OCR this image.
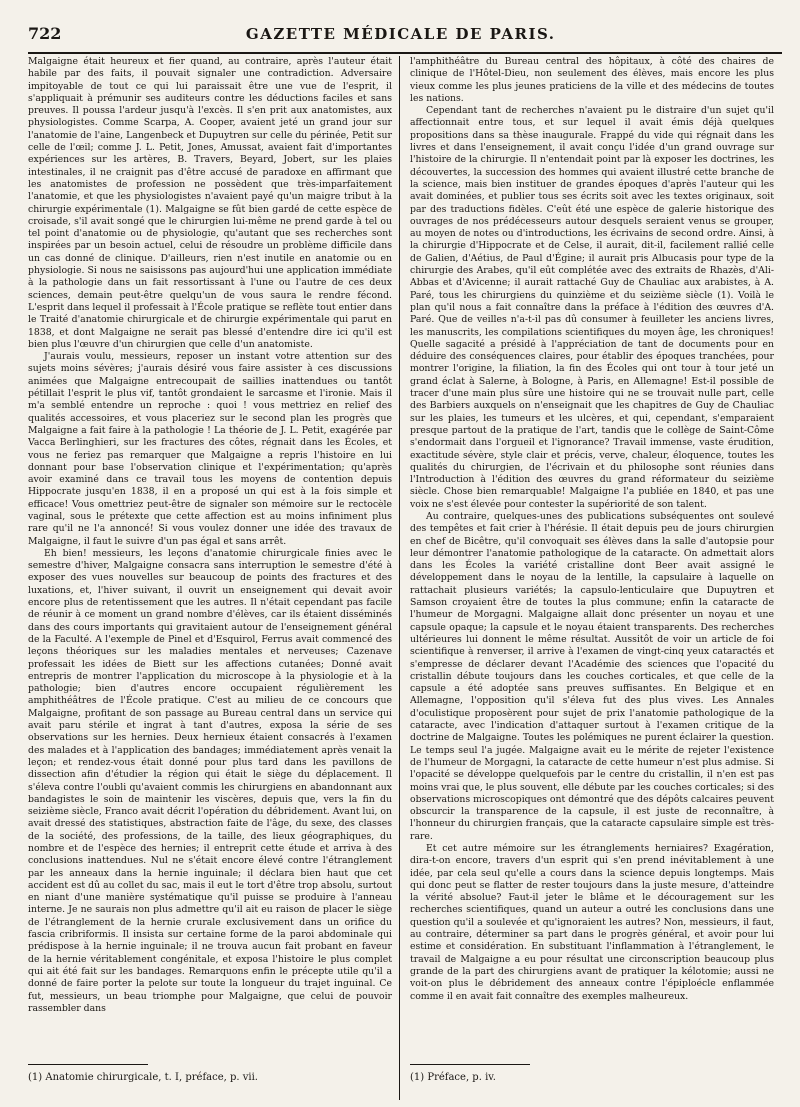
722	GAZETTE MÉDICALE DE PARIS.

Malgaigne était heureux et fier quand, au contraire, après l'auteur était habile par des faits, il pouvait signaler une contradiction. Adversaire impitoyable de tout ce qui lui paraissait être une vue de l'esprit, il s'appliquait à prémunir ses auditeurs contre les déductions faciles et sans preuves. Il poussa l'ardeur jusqu'à l'excès. Il s'en prit aux anatomistes, aux physiologistes. Comme Scarpa, A. Cooper, avaient jeté un grand jour sur l'anatomie de l'aine, Langenbeck et Dupuytren sur celle du périnée, Petit sur celle de l'œil; comme J. L. Petit, Jones, Amussat, avaient fait d'importantes expériences sur les artères, B. Travers, Beyard, Jobert, sur les plaies intestinales, il ne craignit pas d'être accusé de paradoxe en affirmant que les anatomistes de profession ne possèdent que très-imparfaitement l'anatomie, et que les physiologistes n'avaient payé qu'un maigre tribut à la chirurgie expérimentale (1). Malgaigne se fût bien gardé de cette espèce de croisade, s'il avait songé que le chirurgien lui-même ne prend garde à tel ou tel point d'anatomie ou de physiologie, qu'autant que ses recherches sont inspirées par un besoin actuel, celui de résoudre un problème difficile dans un cas donné de clinique. D'ailleurs, rien n'est inutile en anatomie ou en physiologie. Si nous ne saisissons pas aujourd'hui une application immédiate à la pathologie dans un fait ressortissant à l'une ou l'autre de ces deux sciences, demain peut-être quelqu'un de vous saura le rendre fécond. L'esprit dans lequel il professait à l'École pratique se reflète tout entier dans le Traité d'anatomie chirurgicale et de chirurgie expérimentale qui parut en 1838, et dont Malgaigne ne serait pas blessé d'entendre dire ici qu'il est bien plus l'œuvre d'un chirurgien que celle d'un anatomiste.

J'aurais voulu, messieurs, reposer un instant votre attention sur des sujets moins sévères; j'aurais désiré vous faire assister à ces discussions animées que Malgaigne entrecoupait de saillies inattendues ou tantôt pétillait l'esprit le plus vif, tantôt grondaient le sarcasme et l'ironie. Mais il m'a semblé entendre un reproche : quoi ! vous mettriez en relief des qualités accessoires, et vous placeriez sur le second plan les progrès que Malgaigne a fait faire à la pathologie ! La théorie de J. L. Petit, exagérée par Vacca Berlinghieri, sur les fractures des côtes, régnait dans les Écoles, et vous ne feriez pas remarquer que Malgaigne a repris l'histoire en lui donnant pour base l'observation clinique et l'expérimentation; qu'après avoir examiné dans ce travail tous les moyens de contention depuis Hippocrate jusqu'en 1838, il en a proposé un qui est à la fois simple et efficace! Vous omettriez peut-être de signaler son mémoire sur le rectocèle vaginal, sous le prétexte que cette affection est au moins infiniment plus rare qu'il ne l'a annoncé! Si vous voulez donner une idée des travaux de Malgaigne, il faut le suivre d'un pas égal et sans arrêt.

Eh bien! messieurs, les leçons d'anatomie chirurgicale finies avec le semestre d'hiver, Malgaigne consacra sans interruption le semestre d'été à exposer des vues nouvelles sur beaucoup de points des fractures et des luxations, et, l'hiver suivant, il ouvrit un enseignement qui devait avoir encore plus de retentissement que les autres. Il n'était cependant pas facile de réunir à ce moment un grand nombre d'élèves, car ils étaient disséminés dans des cours importants qui gravitaient autour de l'enseignement général de la Faculté. A l'exemple de Pinel et d'Esquirol, Ferrus avait commencé des leçons théoriques sur les maladies mentales et nerveuses; Cazenave professait les idées de Biett sur les affections cutanées; Donné avait entrepris de montrer l'application du microscope à la physiologie et à la pathologie; bien d'autres encore occupaient régulièrement les amphithéâtres de l'École pratique. C'est au milieu de ce concours que Malgaigne, profitant de son passage au Bureau central dans un service qui avait paru stérile et ingrat à tant d'autres, exposa la série de ses observations sur les hernies. Deux hernieux étaient consacrés à l'examen des malades et à l'application des bandages; immédiatement après venait la leçon; et rendez-vous était donné pour plus tard dans les pavillons de dissection afin d'étudier la région qui était le siège du déplacement. Il s'éleva contre l'oubli qu'avaient commis les chirurgiens en abandonnant aux bandagistes le soin de maintenir les viscères, depuis que, vers la fin du seizième siècle, Franco avait décrit l'opération du débridement. Avant lui, on avait dressé des statistiques, abstraction faite de l'âge, du sexe, des classes de la société, des professions, de la taille, des lieux géographiques, du nombre et de l'espèce des hernies; il entreprit cette étude et arriva à des conclusions inattendues. Nul ne s'était encore élevé contre l'étranglement par les anneaux dans la hernie inguinale; il déclara bien haut que cet accident est dû au collet du sac, mais il eut le tort d'être trop absolu, surtout en niant d'une manière systématique qu'il puisse se produire à l'anneau interne. Je ne saurais non plus admettre qu'il ait eu raison de placer le siège de l'étranglement de la hernie crurale exclusivement dans un orifice du fascia cribriformis. Il insista sur certaine forme de la paroi abdominale qui prédispose à la hernie inguinale; il ne trouva aucun fait probant en faveur de la hernie véritablement congénitale, et exposa l'histoire le plus complet qui ait été fait sur les bandages. Remarquons enfin le précepte utile qu'il a donné de faire porter la pelote sur toute la longueur du trajet inguinal. Ce fut, messieurs, un beau triomphe pour Malgaigne, que celui de pouvoir rassembler dans

l'amphithéâtre du Bureau central des hôpitaux, à côté des chaires de clinique de l'Hôtel-Dieu, non seulement des élèves, mais encore les plus vieux comme les plus jeunes praticiens de la ville et des médecins de toutes les nations.

Cependant tant de recherches n'avaient pu le distraire d'un sujet qu'il affectionnait entre tous, et sur lequel il avait émis déjà quelques propositions dans sa thèse inaugurale. Frappé du vide qui régnait dans les livres et dans l'enseignement, il avait conçu l'idée d'un grand ouvrage sur l'histoire de la chirurgie. Il n'entendait point par là exposer les doctrines, les découvertes, la succession des hommes qui avaient illustré cette branche de la science, mais bien instituer de grandes époques d'après l'auteur qui les avait dominées, et publier tous ses écrits soit avec les textes originaux, soit par des traductions fidèles. C'eût été une espèce de galerie historique des ouvrages de nos prédécesseurs autour desquels seraient venus se grouper, au moyen de notes ou d'introductions, les écrivains de second ordre. Ainsi, à la chirurgie d'Hippocrate et de Celse, il aurait, dit-il, facilement rallié celle de Galien, d'Aétius, de Paul d'Égine; il aurait pris Albucasis pour type de la chirurgie des Arabes, qu'il eût complétée avec des extraits de Rhazès, d'Ali-Abbas et d'Avicenne; il aurait rattaché Guy de Chauliac aux arabistes, à A. Paré, tous les chirurgiens du quinzième et du seizième siècle (1). Voilà le plan qu'il nous a fait connaître dans la préface à l'édition des œuvres d'A. Paré. Que de veilles n'a-t-il pas dû consumer à feuilleter les anciens livres, les manuscrits, les compilations scientifiques du moyen âge, les chroniques! Quelle sagacité a présidé à l'appréciation de tant de documents pour en déduire des conséquences claires, pour établir des époques tranchées, pour montrer l'origine, la filiation, la fin des Écoles qui ont tour à tour jeté un grand éclat à Salerne, à Bologne, à Paris, en Allemagne! Est-il possible de tracer d'une main plus sûre une histoire qui ne se trouvait nulle part, celle des Barbiers auxquels on n'enseignait que les chapitres de Guy de Chauliac sur les plaies, les tumeurs et les ulcères, et qui, cependant, s'emparaient presque partout de la pratique de l'art, tandis que le collège de Saint-Côme s'endormait dans l'orgueil et l'ignorance? Travail immense, vaste érudition, exactitude sévère, style clair et précis, verve, chaleur, éloquence, toutes les qualités du chirurgien, de l'écrivain et du philosophe sont réunies dans l'Introduction à l'édition des œuvres du grand réformateur du seizième siècle. Chose bien remarquable! Malgaigne l'a publiée en 1840, et pas une voix ne s'est élevée pour contester la supériorité de son talent.

Au contraire, quelques-unes des publications subséquentes ont soulevé des tempêtes et fait crier à l'hérésie. Il était depuis peu de jours chirurgien en chef de Bicêtre, qu'il convoquait ses élèves dans la salle d'autopsie pour leur démontrer l'anatomie pathologique de la cataracte. On admettait alors dans les Écoles la variété cristalline dont Beer avait assigné le développement dans le noyau de la lentille, la capsulaire à laquelle on rattachait plusieurs variétés; la capsulo-lenticulaire que Dupuytren et Samson croyaient être de toutes la plus commune; enfin la cataracte de l'humeur de Morgagni. Malgaigne allait donc présenter un noyau et une capsule opaque; la capsule et le noyau étaient transparents. Des recherches ultérieures lui donnent le même résultat. Aussitôt de voir un article de foi scientifique à renverser, il arrive à l'examen de vingt-cinq yeux cataractés et s'empresse de déclarer devant l'Académie des sciences que l'opacité du cristallin débute toujours dans les couches corticales, et que celle de la capsule a été adoptée sans preuves suffisantes. En Belgique et en Allemagne, l'opposition qu'il s'éleva fut des plus vives. Les Annales d'oculistique proposèrent pour sujet de prix l'anatomie pathologique de la cataracte, avec l'indication d'attaquer surtout à l'examen critique de la doctrine de Malgaigne. Toutes les polémiques ne purent éclairer la question. Le temps seul l'a jugée. Malgaigne avait eu le mérite de rejeter l'existence de l'humeur de Morgagni, la cataracte de cette humeur n'est plus admise. Si l'opacité se développe quelquefois par le centre du cristallin, il n'en est pas moins vrai que, le plus souvent, elle débute par les couches corticales; si des observations microscopiques ont démontré que des dépôts calcaires peuvent obscurcir la transparence de la capsule, il est juste de reconnaître, à l'honneur du chirurgien français, que la cataracte capsulaire simple est très-rare.

Et cet autre mémoire sur les étranglements herniaires? Exagération, dira-t-on encore, travers d'un esprit qui s'en prend inévitablement à une idée, par cela seul qu'elle a cours dans la science depuis longtemps. Mais qui donc peut se flatter de rester toujours dans la juste mesure, d'atteindre la vérité absolue? Faut-il jeter le blâme et le découragement sur les recherches scientifiques, quand un auteur a outré les conclusions dans une question qu'il a soulevée et qu'ignoraient les autres? Non, messieurs, il faut, au contraire, déterminer sa part dans le progrès général, et avoir pour lui estime et considération. En substituant l'inflammation à l'étranglement, le travail de Malgaigne a eu pour résultat une circonscription beaucoup plus grande de la part des chirurgiens avant de pratiquer la kélotomie; aussi ne voit-on plus le débridement des anneaux contre l'épiploécle enflammée comme il en avait fait connaître des exemples malheureux.

(1) Anatomie chirurgicale, t. I, préface, p. vii.	(1) Préface, p. iv.
